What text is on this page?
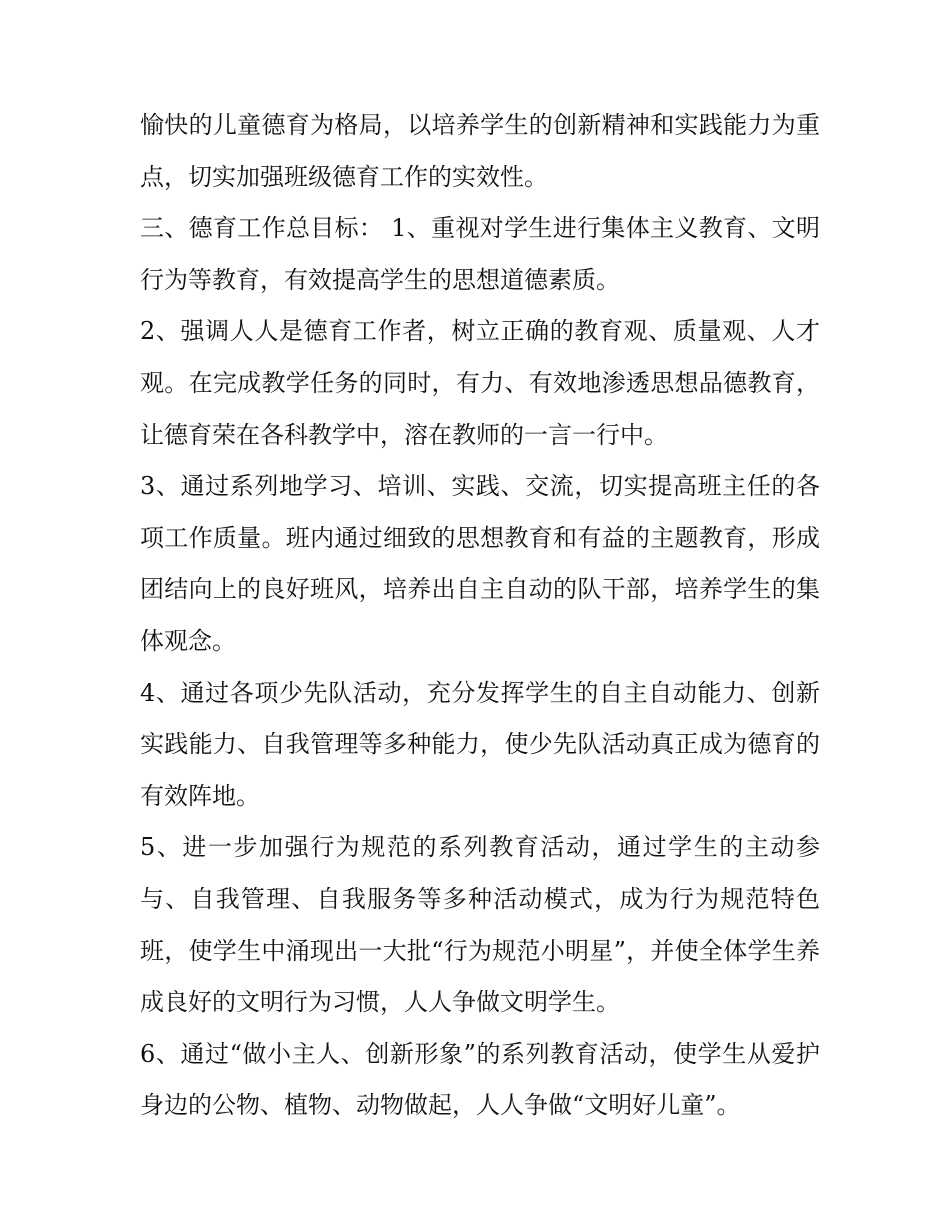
愉快的儿童德育为格局，以培养学生的创新精神和实践能力为重点，切实加强班级德育工作的实效性。

三、德育工作总目标： 1、重视对学生进行集体主义教育、文明行为等教育，有效提高学生的思想道德素质。

2、强调人人是德育工作者，树立正确的教育观、质量观、人才观。在完成教学任务的同时，有力、有效地渗透思想品德教育，让德育荣在各科教学中，溶在教师的一言一行中。

3、通过系列地学习、培训、实践、交流，切实提高班主任的各项工作质量。班内通过细致的思想教育和有益的主题教育，形成团结向上的良好班风，培养出自主自动的队干部，培养学生的集体观念。

4、通过各项少先队活动，充分发挥学生的自主自动能力、创新实践能力、自我管理等多种能力，使少先队活动真正成为德育的有效阵地。

5、进一步加强行为规范的系列教育活动，通过学生的主动参与、自我管理、自我服务等多种活动模式，成为行为规范特色班，使学生中涌现出一大批“行为规范小明星”，并使全体学生养成良好的文明行为习惯，人人争做文明学生。

6、通过“做小主人、创新形象”的系列教育活动，使学生从爱护身边的公物、植物、动物做起，人人争做“文明好儿童”。
